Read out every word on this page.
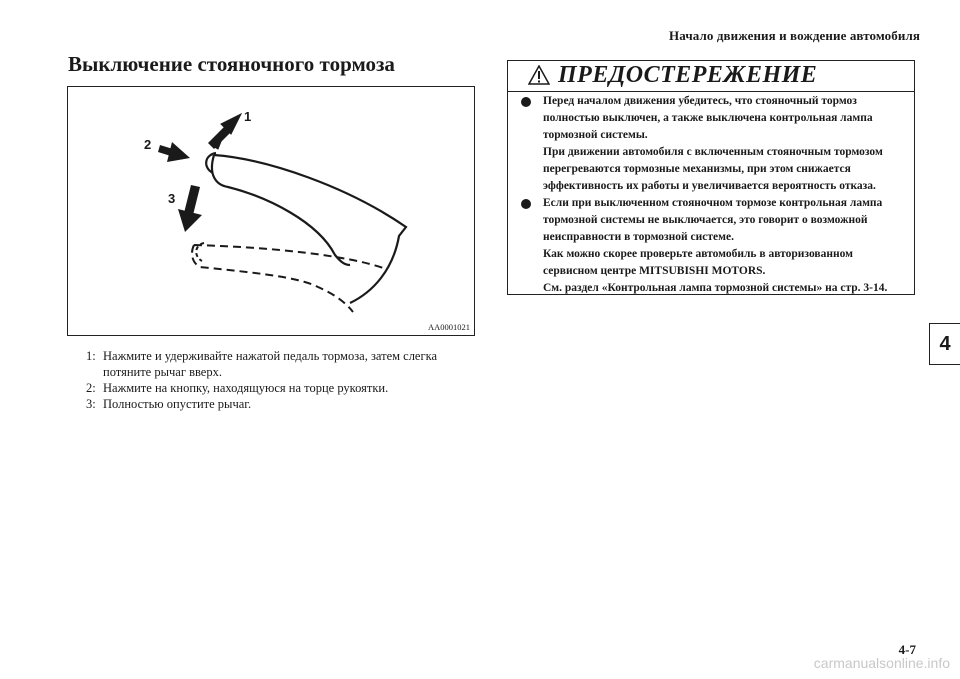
Начало движения и вождение автомобиля
Выключение стояночного тормоза
1
2
3
AA0001021
1: Нажмите и удерживайте нажатой педаль тормоза, затем слегка потяните рычаг вверх.
2: Нажмите на кнопку, находящуюся на торце рукоятки.
3: Полностью опустите рычаг.
ПРЕДОСТЕРЕЖЕНИЕ

Перед началом движения убедитесь, что стояночный тормоз полностью выключен, а также выключена контрольная лампа тормозной системы.

При движении автомобиля с включенным стояночным тормозом перегреваются тормозные механизмы, при этом снижается эффективность их работы и увеличивается вероятность отказа.

Если при выключенном стояночном тормозе контрольная лампа тормозной системы не выключается, это говорит о возможной неисправности в тормозной системе.

Как можно скорее проверьте автомобиль в авторизованном сервисном центре MITSUBISHI MOTORS.

См. раздел «Контрольная лампа тормозной системы» на стр. 3-14.

4
4-7
carmanualsonline.info
